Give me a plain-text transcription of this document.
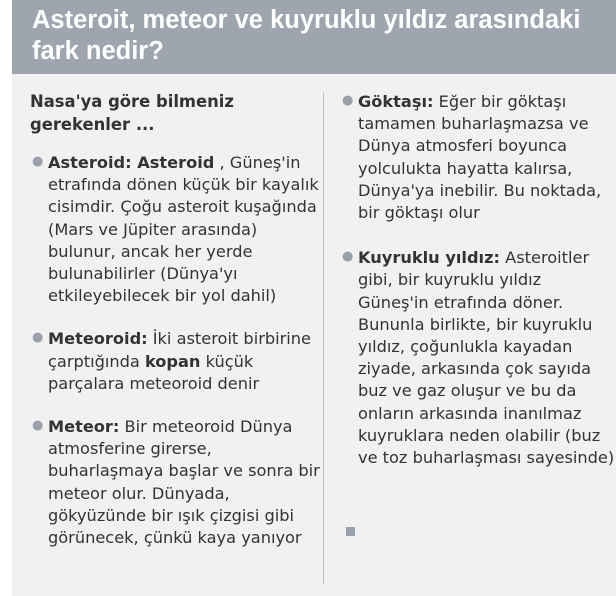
Asteroit, meteor ve kuyruklu yıldız arasındaki fark nedir?

Nasa'ya göre bilmeniz gerekenler ...

● Asteroid: Asteroid , Güneş'in etrafında dönen küçük bir kayalık cisimdir. Çoğu asteroit kuşağında (Mars ve Jüpiter arasında) bulunur, ancak her yerde bulunabilirler (Dünya'yı etkileyebilecek bir yol dahil)
● Meteoroid: İki asteroit birbirine çarptığında kopan küçük parçalara meteoroid denir
● Meteor: Bir meteoroid Dünya atmosferine girerse, buharlaşmaya başlar ve sonra bir meteor olur. Dünyada, gökyüzünde bir ışık çizgisi gibi görünecek, çünkü kaya yanıyor
● Göktaşı: Eğer bir göktaşı tamamen buharlaşmazsa ve Dünya atmosferi boyunca yolculukta hayatta kalırsa, Dünya'ya inebilir. Bu noktada, bir göktaşı olur
● Kuyruklu yıldız: Asteroitler gibi, bir kuyruklu yıldız Güneş'in etrafında döner. Bununla birlikte, bir kuyruklu yıldız, çoğunlukla kayadan ziyade, arkasında çok sayıda buz ve gaz oluşur ve bu da onların arkasında inanılmaz kuyruklara neden olabilir (buz ve toz buharlaşması sayesinde)
